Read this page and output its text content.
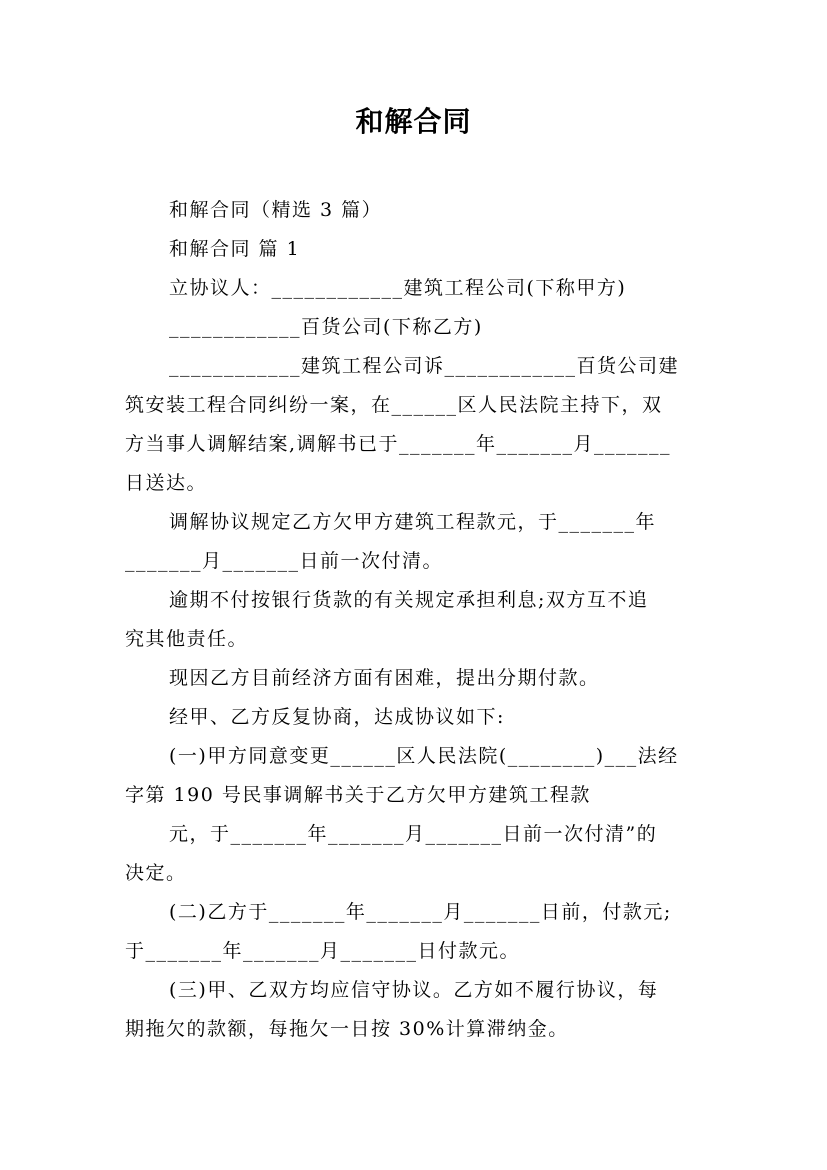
和解合同
和解合同（精选 3 篇）
和解合同 篇 1
立协议人：____________建筑工程公司(下称甲方)
____________百货公司(下称乙方)
____________建筑工程公司诉____________百货公司建
筑安装工程合同纠纷一案，在______区人民法院主持下，双
方当事人调解结案,调解书已于_______年_______月_______
日送达。
调解协议规定乙方欠甲方建筑工程款元，于_______年
_______月_______日前一次付清。
逾期不付按银行货款的有关规定承担利息;双方互不追
究其他责任。
现因乙方目前经济方面有困难，提出分期付款。
经甲、乙方反复协商，达成协议如下:
(一)甲方同意变更______区人民法院(________)___法经
字第 190 号民事调解书关于乙方欠甲方建筑工程款
元，于_______年_______月_______日前一次付清”的
决定。
(二)乙方于_______年_______月_______日前，付款元;
于_______年_______月_______日付款元。
(三)甲、乙双方均应信守协议。乙方如不履行协议，每
期拖欠的款额，每拖欠一日按 30%计算滞纳金。
